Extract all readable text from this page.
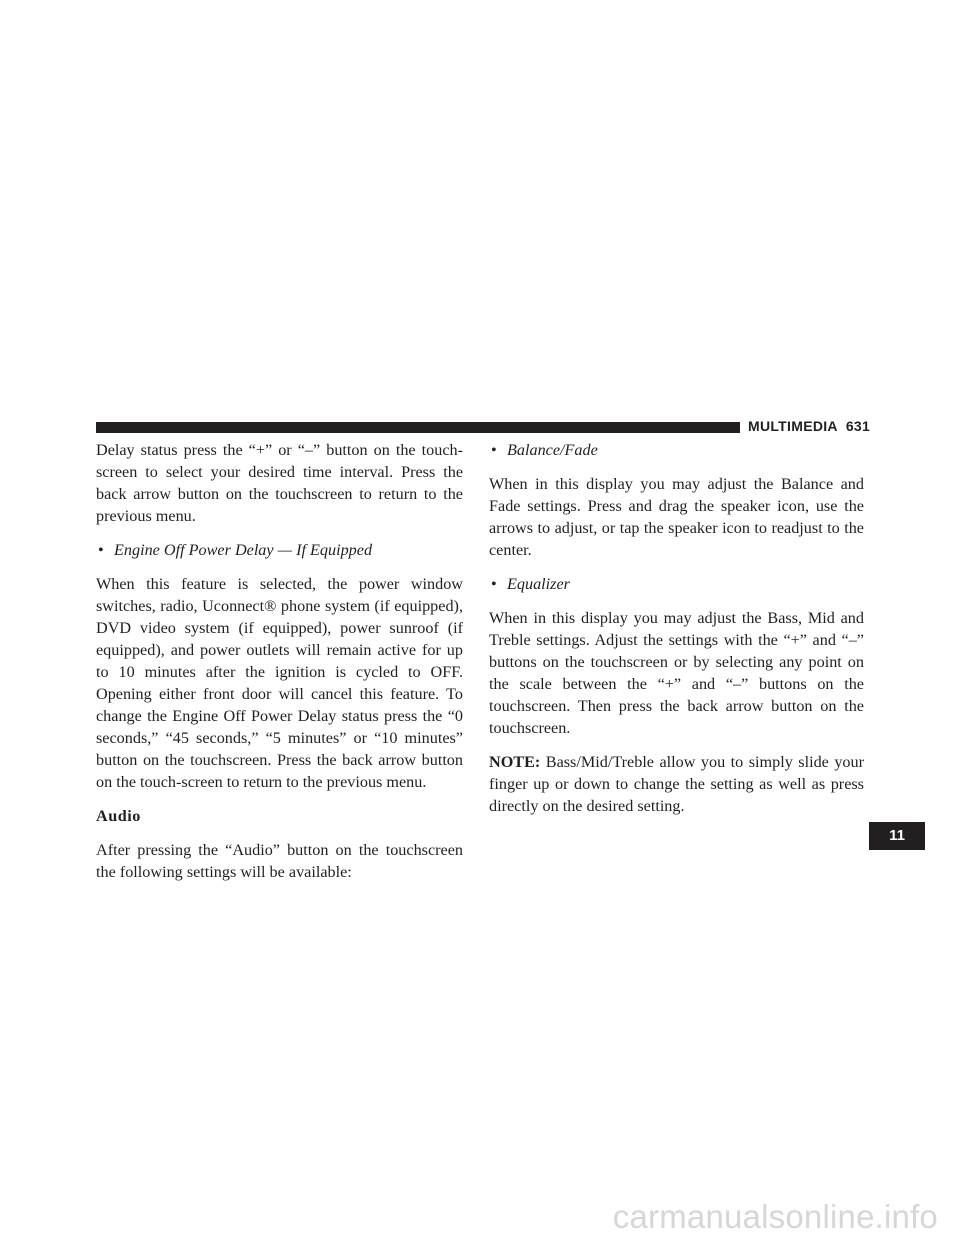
MULTIMEDIA 631

Delay status press the “+” or “–” button on the touch-screen to select your desired time interval. Press the back arrow button on the touchscreen to return to the previous menu.

• Engine Off Power Delay — If Equipped

When this feature is selected, the power window switches, radio, Uconnect® phone system (if equipped), DVD video system (if equipped), power sunroof (if equipped), and power outlets will remain active for up to 10 minutes after the ignition is cycled to OFF. Opening either front door will cancel this feature. To change the Engine Off Power Delay status press the “0 seconds,” “45 seconds,” “5 minutes” or “10 minutes” button on the touchscreen. Press the back arrow button on the touch-screen to return to the previous menu.

Audio

After pressing the “Audio” button on the touchscreen the following settings will be available:

• Balance/Fade

When in this display you may adjust the Balance and Fade settings. Press and drag the speaker icon, use the arrows to adjust, or tap the speaker icon to readjust to the center.

• Equalizer

When in this display you may adjust the Bass, Mid and Treble settings. Adjust the settings with the “+” and “–” buttons on the touchscreen or by selecting any point on the scale between the “+” and “–” buttons on the touchscreen. Then press the back arrow button on the touchscreen.

NOTE: Bass/Mid/Treble allow you to simply slide your finger up or down to change the setting as well as press directly on the desired setting.

11
carmanualsonline.info
